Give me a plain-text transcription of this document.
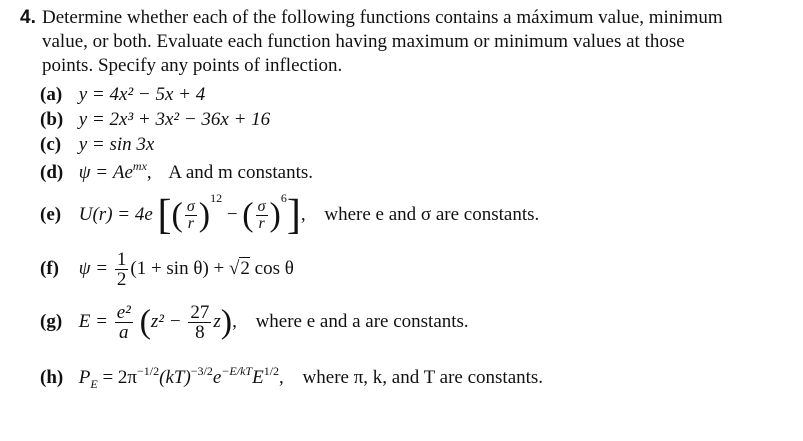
4. Determine whether each of the following functions contains a máximum value, minimum
value, or both. Evaluate each function having maximum or minimum values at those
points. Specify any points of inflection.
(a) y = 4x² − 5x + 4
(b) y = 2x³ + 3x² − 36x + 16
(c) y = sin 3x
(d) $\psi = Ae^{mx}$, A and m constants.
(e) U(r) = 4e [( $\frac{\sigma}{r} )^{12}$ − ( $\frac{\sigma}{r} )^6$], where e and σ are constants.
(f) $\psi = \frac{1}{2} (1 + \sin \theta) + √2$ cos θ
(g) $E = \frac{\text{e²}}{a} (z^2 - \frac{27}{8} z)$, where e and a are constants.
(h) $P_E = 2\pi^{-1/2}(kT)^{-3/2}e^{-E/kT}E^{1/2}$, where π, k, and T are constants.
